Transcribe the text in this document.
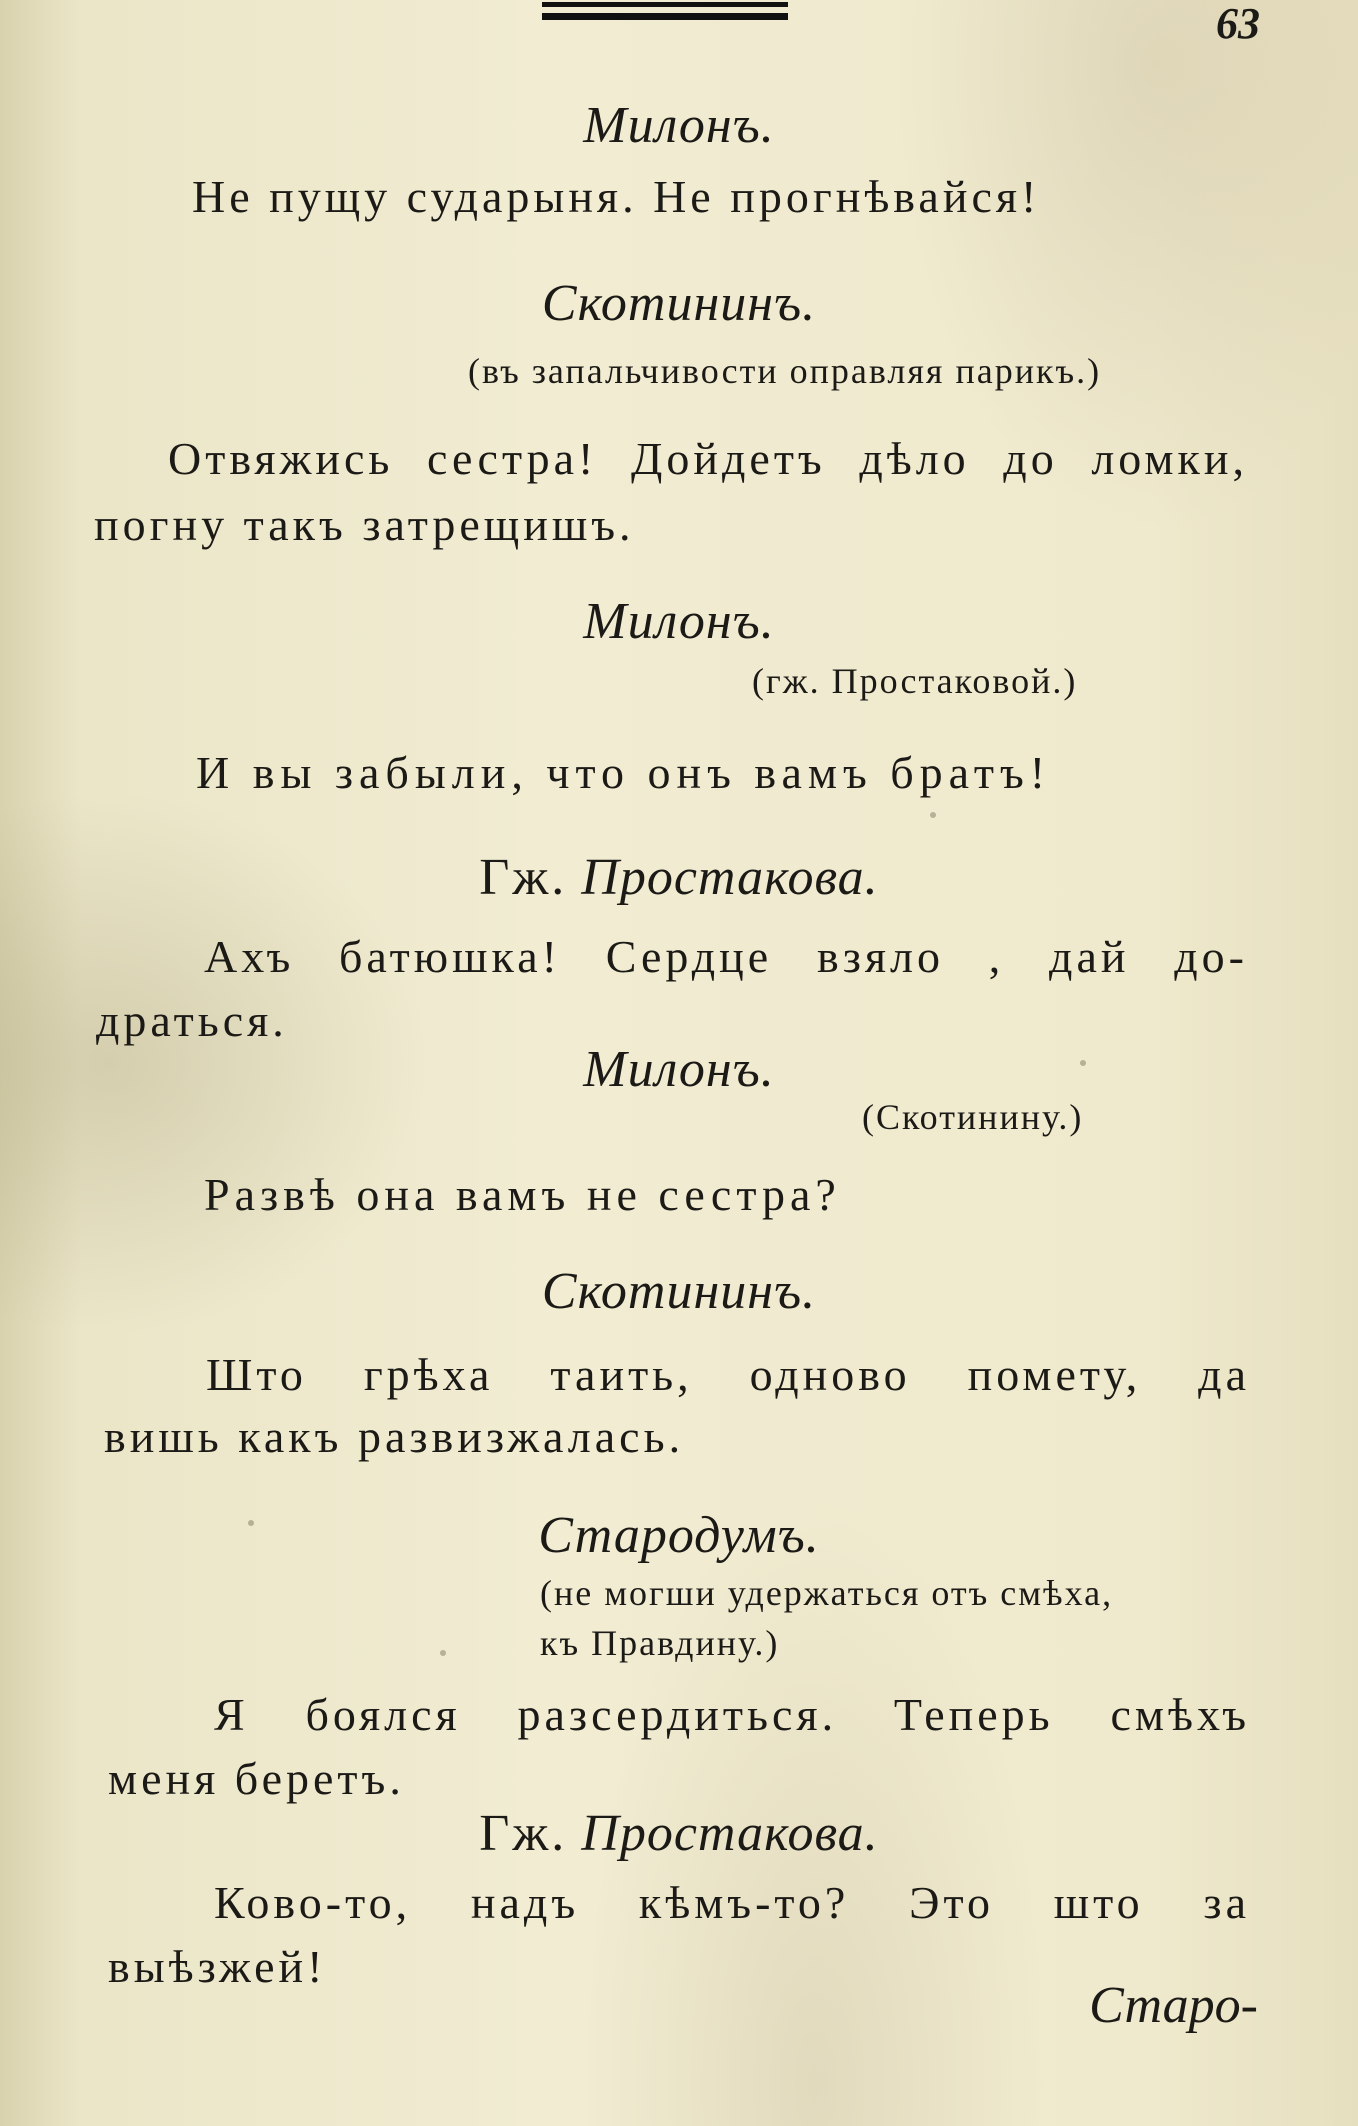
63

Милонъ.

Не пущу сударыня. Не прогнѣвайся!

Скотининъ.

(въ запальчивости оправляя парикъ.)

Отвяжись сестра! Дойдетъ дѣло до ломки,

погну такъ затрещишъ.

Милонъ.

(гж. Простаковой.)

И вы забыли, что онъ вамъ братъ!

Гж. Простакова.

Ахъ батюшка! Сердце взяло , дай до-

драться.

Милонъ.

(Скотинину.)

Развѣ она вамъ не сестра?

Скотининъ.

Што грѣха таить, одново помету, да

вишь какъ развизжалась.

Стародумъ.

(не могши удержаться отъ смѣха,

къ Правдину.)

Я боялся разсердиться. Теперь смѣхъ

меня беретъ.

Гж. Простакова.

Ково-то, надъ кѣмъ-то? Это што за

выѣзжей!

Старо-
